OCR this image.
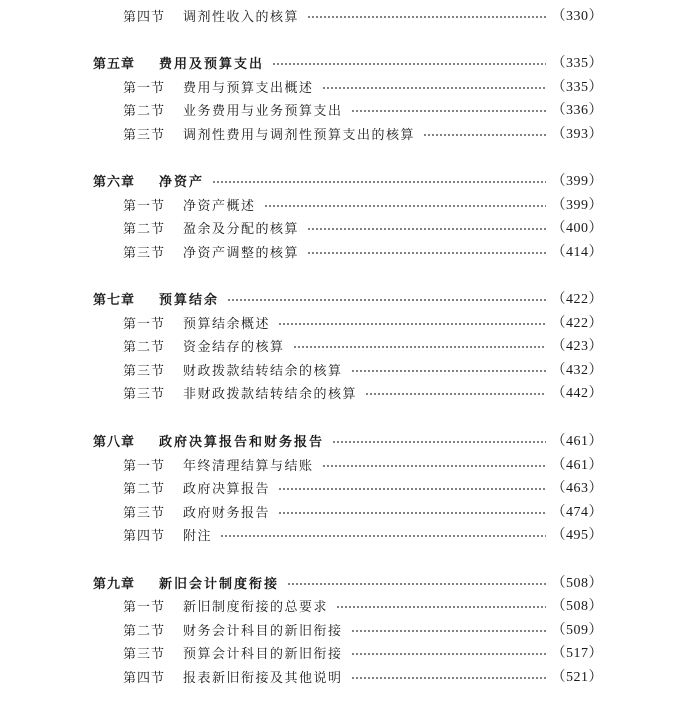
第四节	调剂性收入的核算	（330）
第五章	费用及预算支出	（335）
第一节	费用与预算支出概述	（335）
第二节	业务费用与业务预算支出	（336）
第三节	调剂性费用与调剂性预算支出的核算	（393）
第六章	净资产	（399）
第一节	净资产概述	（399）
第二节	盈余及分配的核算	（400）
第三节	净资产调整的核算	（414）
第七章	预算结余	（422）
第一节	预算结余概述	（422）
第二节	资金结存的核算	（423）
第三节	财政拨款结转结余的核算	（432）
第三节	非财政拨款结转结余的核算	（442）
第八章	政府决算报告和财务报告	（461）
第一节	年终清理结算与结账	（461）
第二节	政府决算报告	（463）
第三节	政府财务报告	（474）
第四节	附注	（495）
第九章	新旧会计制度衔接	（508）
第一节	新旧制度衔接的总要求	（508）
第二节	财务会计科目的新旧衔接	（509）
第三节	预算会计科目的新旧衔接	（517）
第四节	报表新旧衔接及其他说明	（521）
